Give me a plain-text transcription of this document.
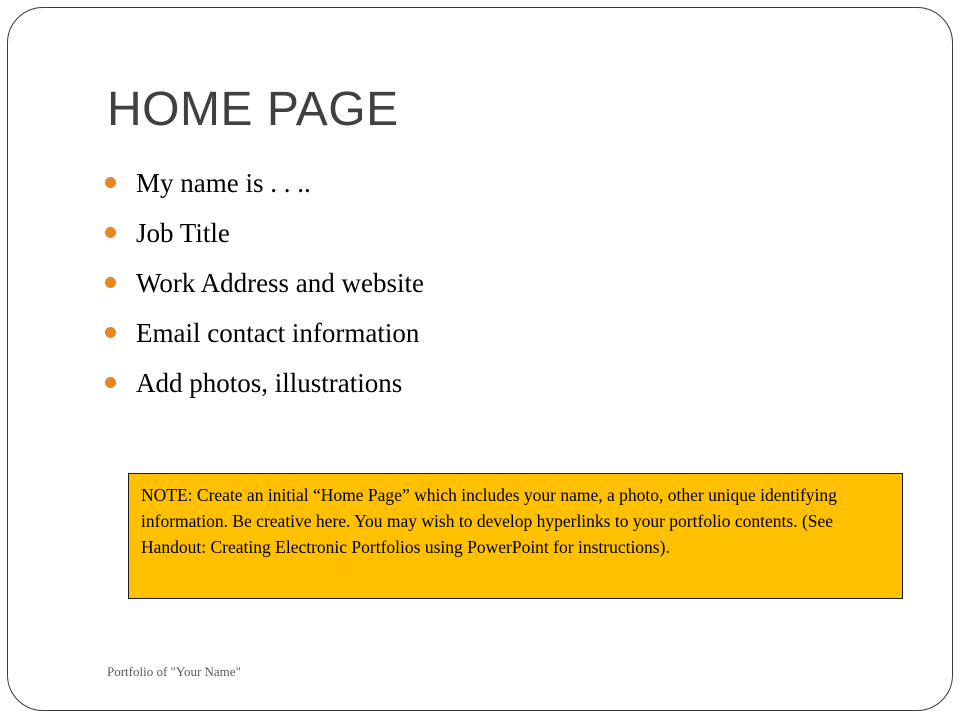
HOME PAGE
My name is . . ..
Job Title
Work Address and website
Email contact information
Add photos, illustrations

NOTE: Create an initial “Home Page” which includes your name, a photo, other unique identifying information. Be creative here. You may wish to develop hyperlinks to your portfolio contents. (See Handout: Creating Electronic Portfolios using PowerPoint for instructions).

Portfolio of "Your Name"
